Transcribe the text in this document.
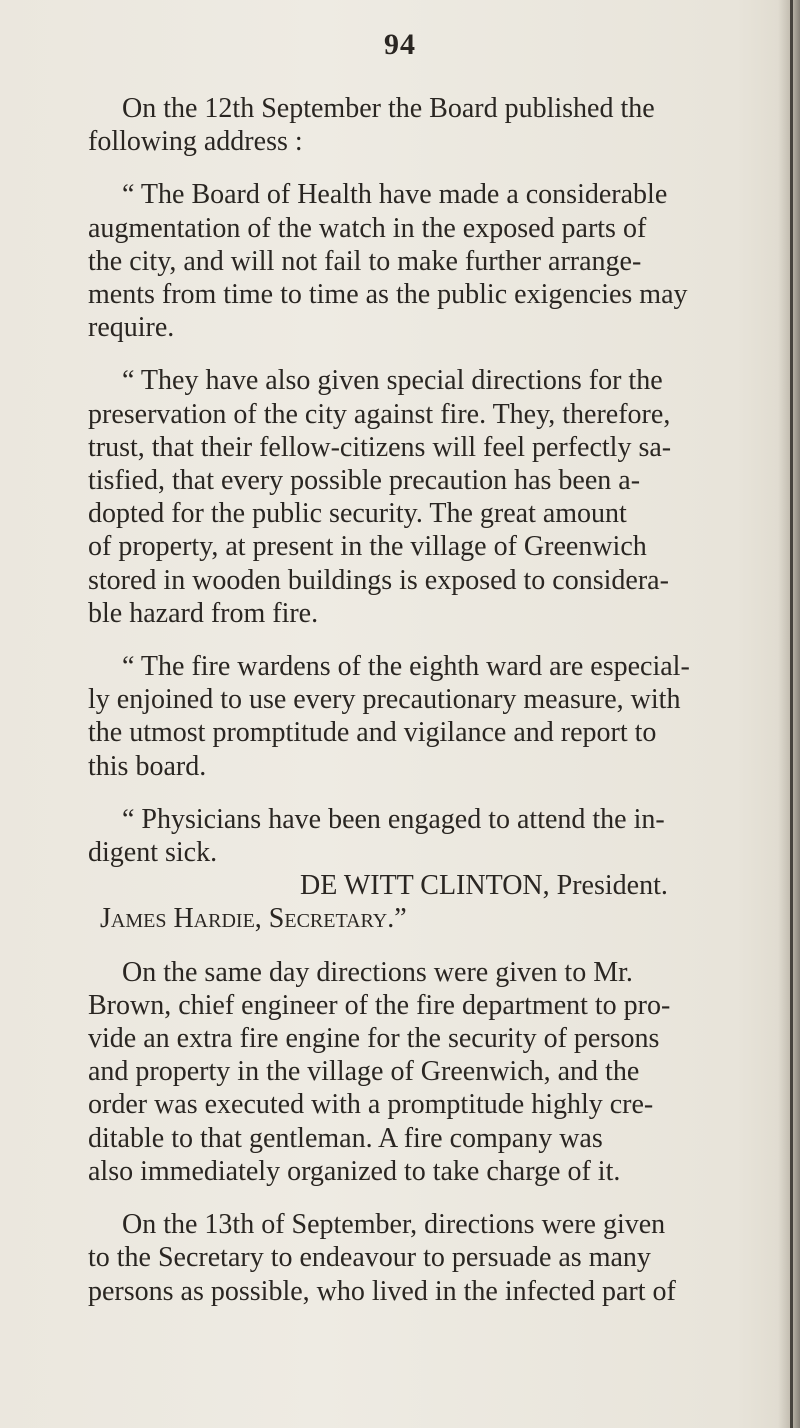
94

On the 12th September the Board published the
following address :

“ The Board of Health have made a considerable
augmentation of the watch in the exposed parts of
the city, and will not fail to make further arrange-
ments from time to time as the public exigencies may
require.

“ They have also given special directions for the
preservation of the city against fire. They, therefore,
trust, that their fellow-citizens will feel perfectly sa-
tisfied, that every possible precaution has been a-
dopted for the public security. The great amount
of property, at present in the village of Greenwich
stored in wooden buildings is exposed to considera-
ble hazard from fire.

“ The fire wardens of the eighth ward are especial-
ly enjoined to use every precautionary measure, with
the utmost promptitude and vigilance and report to
this board.

“ Physicians have been engaged to attend the in-
digent sick.
DE WITT CLINTON, President.
James Hardie, Secretary.”

On the same day directions were given to Mr.
Brown, chief engineer of the fire department to pro-
vide an extra fire engine for the security of persons
and property in the village of Greenwich, and the
order was executed with a promptitude highly cre-
ditable to that gentleman. A fire company was
also immediately organized to take charge of it.

On the 13th of September, directions were given
to the Secretary to endeavour to persuade as many
persons as possible, who lived in the infected part of
